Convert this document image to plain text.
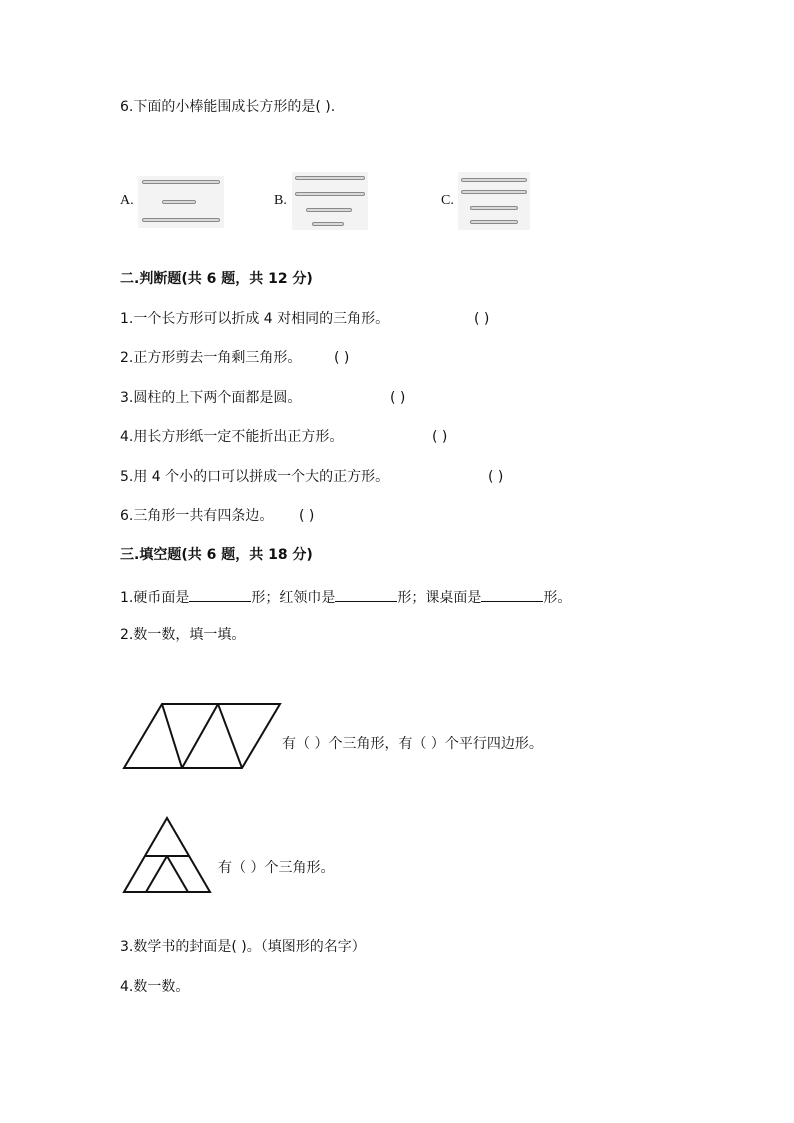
6.下面的小棒能围成长方形的是( ).
A.	B.	C.
二.判断题(共 6 题，共 12 分)
1.一个长方形可以折成 4 对相同的三角形。	( )
2.正方形剪去一角剩三角形。 ( )
3.圆柱的上下两个面都是圆。	( )
4.用长方形纸一定不能折出正方形。	( )
5.用 4 个小的口可以拼成一个大的正方形。	( )
6.三角形一共有四条边。 ( )
三.填空题(共 6 题，共 18 分)
1.硬币面是	形；红领巾是	形；课桌面是	形。
2.数一数，填一填。
有（ ）个三角形，有（ ）个平行四边形。
有（ ）个三角形。
3.数学书的封面是( )。（填图形的名字）
4.数一数。
